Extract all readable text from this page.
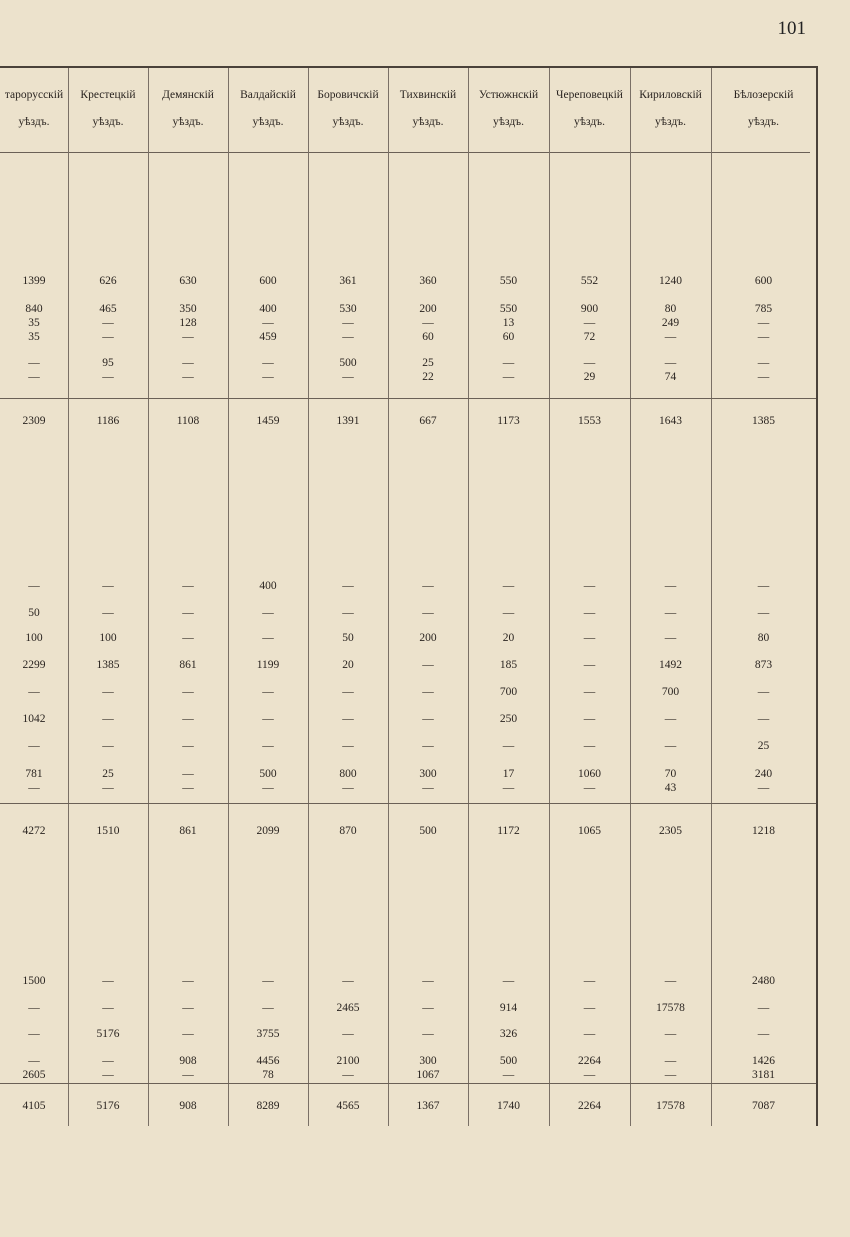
101
таpорусскій
уѣздъ.
Крестецкій
уѣздъ.
Демянскій
уѣздъ.
Валдайскій
уѣздъ.
Боровичскій
уѣздъ.
Тихвинскій
уѣздъ.
Устюжнскій
уѣздъ.
Череповецкій
уѣздъ.
Кириловскій
уѣздъ.
Бѣлозерскій
уѣздъ.
1399	626	630	600	361	360	550	552	1240	600
840	465	350	400	530	200	550	900	80	785
35	—	128	—	—	—	13	—	249	—
35	—	—	459	—	60	60	72	—	—
—	95	—	—	500	25	—	—	—	—
—	—	—	—	—	22	—	29	74	—
2309	1186	1108	1459	1391	667	1173	1553	1643	1385
—	—	—	400	—	—	—	—	—	—
50	—	—	—	—	—	—	—	—	—
100	100	—	—	50	200	20	—	—	80
2299	1385	861	1199	20	—	185	—	1492	873
—	—	—	—	—	—	700	—	700	—
1042	—	—	—	—	—	250	—	—	—
—	—	—	—	—	—	—	—	—	25
781	25	—	500	800	300	17	1060	70	240
—	—	—	—	—	—	—	—	43	—
4272	1510	861	2099	870	500	1172	1065	2305	1218
1500	—	—	—	—	—	—	—	—	2480
—	—	—	—	2465	—	914	—	17578	—
—	5176	—	3755	—	—	326	—	—	—
—	—	908	4456	2100	300	500	2264	—	1426
2605	—	—	78	—	1067	—	—	—	3181
4105	5176	908	8289	4565	1367	1740	2264	17578	7087
